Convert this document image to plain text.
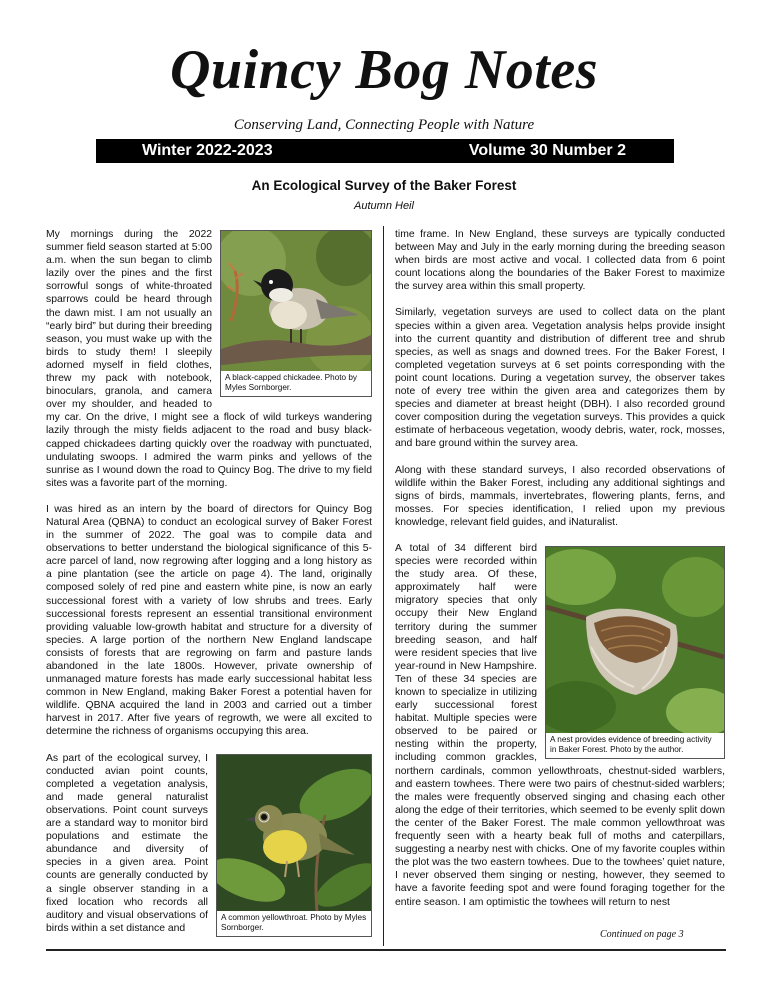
Quincy Bog Notes
Conserving Land, Connecting People with Nature
Winter 2022-2023	Volume 30 Number 2
An Ecological Survey of the Baker Forest
Autumn Heil
A black-capped chickadee. Photo by Myles Sornborger.

My mornings during the 2022 summer field season started at 5:00 a.m. when the sun began to climb lazily over the pines and the first sorrowful songs of white-throated sparrows could be heard through the dawn mist. I am not usually an “early bird” but during their breeding season, you must wake up with the birds to study them! I sleepily adorned myself in field clothes, threw my pack with notebook, binoculars, granola, and camera over my shoulder, and headed to my car. On the drive, I might see a flock of wild turkeys wandering lazily through the misty fields adjacent to the road and busy black-capped chickadees darting quickly over the roadway with punctuated, undulating swoops. I admired the warm pinks and yellows of the sunrise as I wound down the road to Quincy Bog. The drive to my field sites was a favorite part of the morning.

I was hired as an intern by the board of directors for Quincy Bog Natural Area (QBNA) to conduct an ecological survey of Baker Forest in the summer of 2022. The goal was to compile data and observations to better understand the biological significance of this 5-acre parcel of land, now regrowing after logging and a long history as a pine plantation (see the article on page 4). The land, originally composed solely of red pine and eastern white pine, is now an early successional forest with a variety of low shrubs and trees. Early successional forests represent an essential transitional environment providing valuable low-growth habitat and structure for a diversity of species. A large portion of the northern New England landscape consists of forests that are regrowing on farm and pasture lands abandoned in the late 1800s. However, private ownership of unmanaged mature forests has made early successional habitat less common in New England, making Baker Forest a potential haven for wildlife. QBNA acquired the land in 2003 and carried out a timber harvest in 2017. After five years of regrowth, we were all excited to determine the richness of organisms occupying this area.

A common yellowthroat. Photo by Myles Sornborger.

As part of the ecological survey, I conducted avian point counts, completed a vegetation analysis, and made general naturalist observations. Point count surveys are a standard way to monitor bird populations and estimate the abundance and diversity of species in a given area. Point counts are generally conducted by a single observer standing in a fixed location who records all auditory and visual observations of birds within a set distance and

time frame. In New England, these surveys are typically conducted between May and July in the early morning during the breeding season when birds are most active and vocal. I collected data from 6 point count locations along the boundaries of the Baker Forest to maximize the survey area within this small property.

Similarly, vegetation surveys are used to collect data on the plant species within a given area. Vegetation analysis helps provide insight into the current quantity and distribution of different tree and shrub species, as well as snags and downed trees. For the Baker Forest, I completed vegetation surveys at 6 set points corresponding with the point count locations. During a vegetation survey, the observer takes note of every tree within the given area and categorizes them by species and diameter at breast height (DBH). I also recorded ground cover composition during the vegetation surveys. This provides a quick estimate of herbaceous vegetation, woody debris, water, rock, mosses, and bare ground within the survey area.

Along with these standard surveys, I also recorded observations of wildlife within the Baker Forest, including any additional sightings and signs of birds, mammals, invertebrates, flowering plants, ferns, and mosses. For species identification, I relied upon my previous knowledge, relevant field guides, and iNaturalist.

A nest provides evidence of breeding activity in Baker Forest. Photo by the author.

A total of 34 different bird species were recorded within the study area. Of these, approximately half were migratory species that only occupy their New England territory during the summer breeding season, and half were resident species that live year-round in New Hampshire. Ten of these 34 species are known to specialize in utilizing early successional forest habitat. Multiple species were observed to be paired or nesting within the property, including common grackles, northern cardinals, common yellowthroats, chestnut-sided warblers, and eastern towhees. There were two pairs of chestnut-sided warblers; the males were frequently observed singing and chasing each other along the edge of their territories, which seemed to be evenly split down the center of the Baker Forest. The male common yellowthroat was frequently seen with a hearty beak full of moths and caterpillars, suggesting a nearby nest with chicks. One of my favorite couples within the plot was the two eastern towhees. Due to the towhees’ quiet nature, I never observed them singing or nesting, however, they seemed to have a favorite feeding spot and were found foraging together for the entire season. I am optimistic the towhees will return to nest

Continued on page 3
